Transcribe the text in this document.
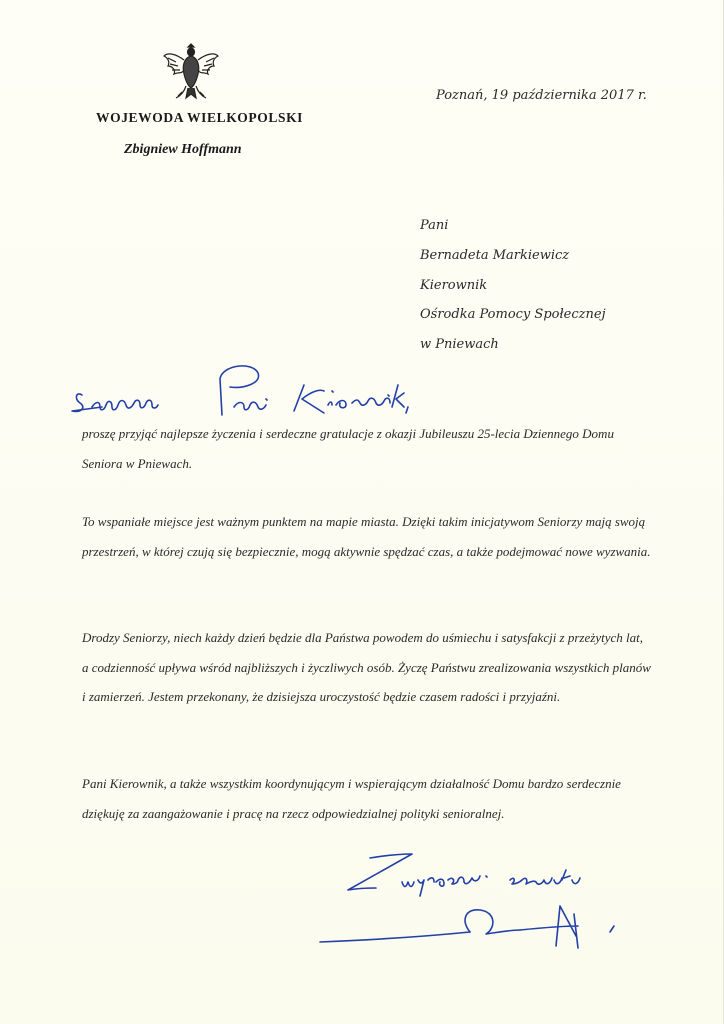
WOJEWODA WIELKOPOLSKI
Zbigniew Hoffmann
Poznań, 19 października 2017 r.
Pani
Bernadeta Markiewicz
Kierownik
Ośrodka Pomocy Społecznej
w Pniewach
proszę przyjąć najlepsze życzenia i serdeczne gratulacje z okazji Jubileuszu 25-lecia Dziennego Domu Seniora w Pniewach.
To wspaniałe miejsce jest ważnym punktem na mapie miasta. Dzięki takim inicjatywom Seniorzy mają swoją przestrzeń, w której czują się bezpiecznie, mogą aktywnie spędzać czas, a także podejmować nowe wyzwania.
Drodzy Seniorzy, niech każdy dzień będzie dla Państwa powodem do uśmiechu i satysfakcji z przeżytych lat, a codzienność upływa wśród najbliższych i życzliwych osób. Życzę Państwu zrealizowania wszystkich planów i zamierzeń. Jestem przekonany, że dzisiejsza uroczystość będzie czasem radości i przyjaźni.
Pani Kierownik, a także wszystkim koordynującym i wspierającym działalność Domu bardzo serdecznie dziękuję za zaangażowanie i pracę na rzecz odpowiedzialnej polityki senioralnej.
